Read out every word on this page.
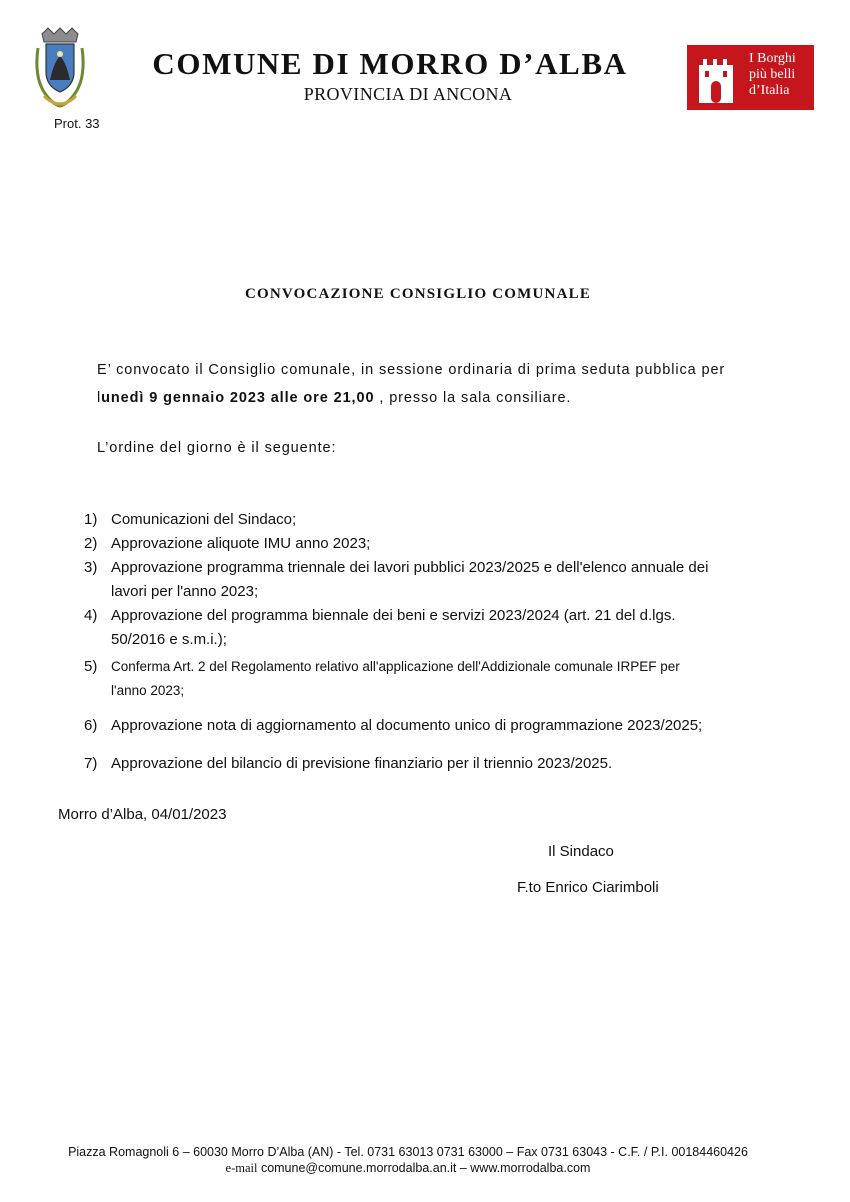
COMUNE DI MORRO D’ALBA
PROVINCIA DI ANCONA
Prot. 33
I Borghi
più belli
d’Italia
CONVOCAZIONE CONSIGLIO COMUNALE
E’ convocato il Consiglio comunale, in sessione ordinaria di prima seduta pubblica per
lunedì 9 gennaio 2023 alle ore 21,00 , presso la sala consiliare.
L’ordine del giorno è il seguente:
1) Comunicazioni del Sindaco;
2) Approvazione aliquote IMU anno 2023;
3) Approvazione programma triennale dei lavori pubblici 2023/2025 e dell'elenco annuale dei
lavori per l'anno 2023;
4) Approvazione del programma biennale dei beni e servizi 2023/2024 (art. 21 del d.lgs.
50/2016 e s.m.i.);
5) Conferma Art. 2 del Regolamento relativo all'applicazione dell'Addizionale comunale IRPEF per
l'anno 2023;
6) Approvazione nota di aggiornamento al documento unico di programmazione 2023/2025;
7) Approvazione del bilancio di previsione finanziario per il triennio 2023/2025.
Morro d’Alba, 04/01/2023
Il Sindaco
F.to Enrico Ciarimboli
Piazza Romagnoli 6 – 60030 Morro D’Alba (AN) - Tel. 0731 63013 0731 63000 – Fax 0731 63043 - C.F. / P.I. 00184460426
e-mail comune@comune.morrodalba.an.it – www.morrodalba.com
